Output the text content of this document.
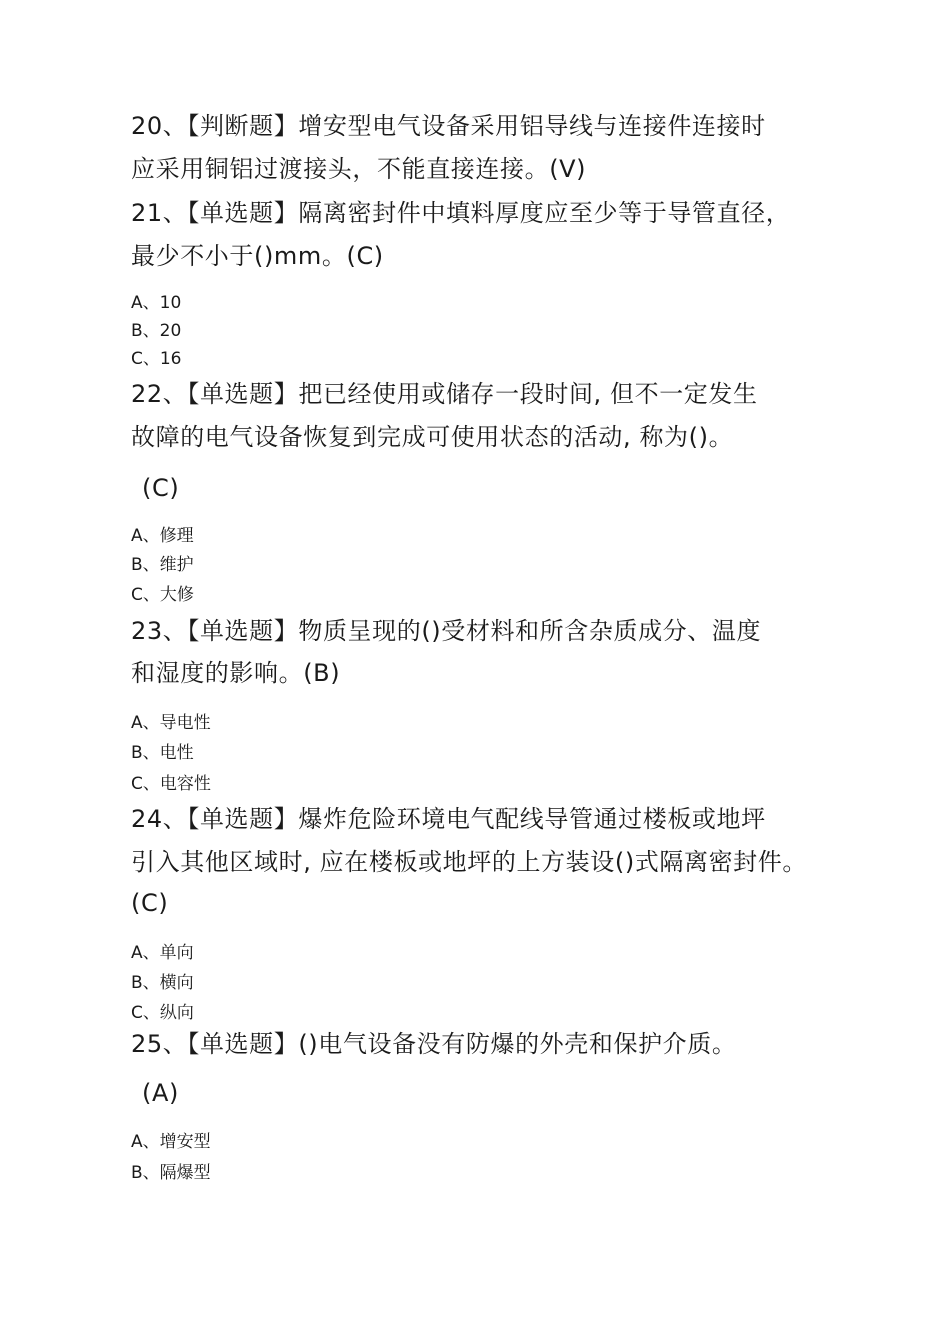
20、【判断题】增安型电气设备采用铝导线与连接件连接时

应采用铜铝过渡接头，不能直接连接。(V)

21、【单选题】隔离密封件中填料厚度应至少等于导管直径，

最少不小于()mm。(C)

A、10

B、20

C、16

22、【单选题】把已经使用或储存一段时间, 但不一定发生

故障的电气设备恢复到完成可使用状态的活动, 称为()。

(C)

A、修理

B、维护

C、大修

23、【单选题】物质呈现的()受材料和所含杂质成分、温度

和湿度的影响。(B)

A、导电性

B、电性

C、电容性

24、【单选题】爆炸危险环境电气配线导管通过楼板或地坪

引入其他区域时, 应在楼板或地坪的上方装设()式隔离密封件。

(C)

A、单向

B、横向

C、纵向

25、【单选题】()电气设备没有防爆的外壳和保护介质。

(A)

A、增安型

B、隔爆型
